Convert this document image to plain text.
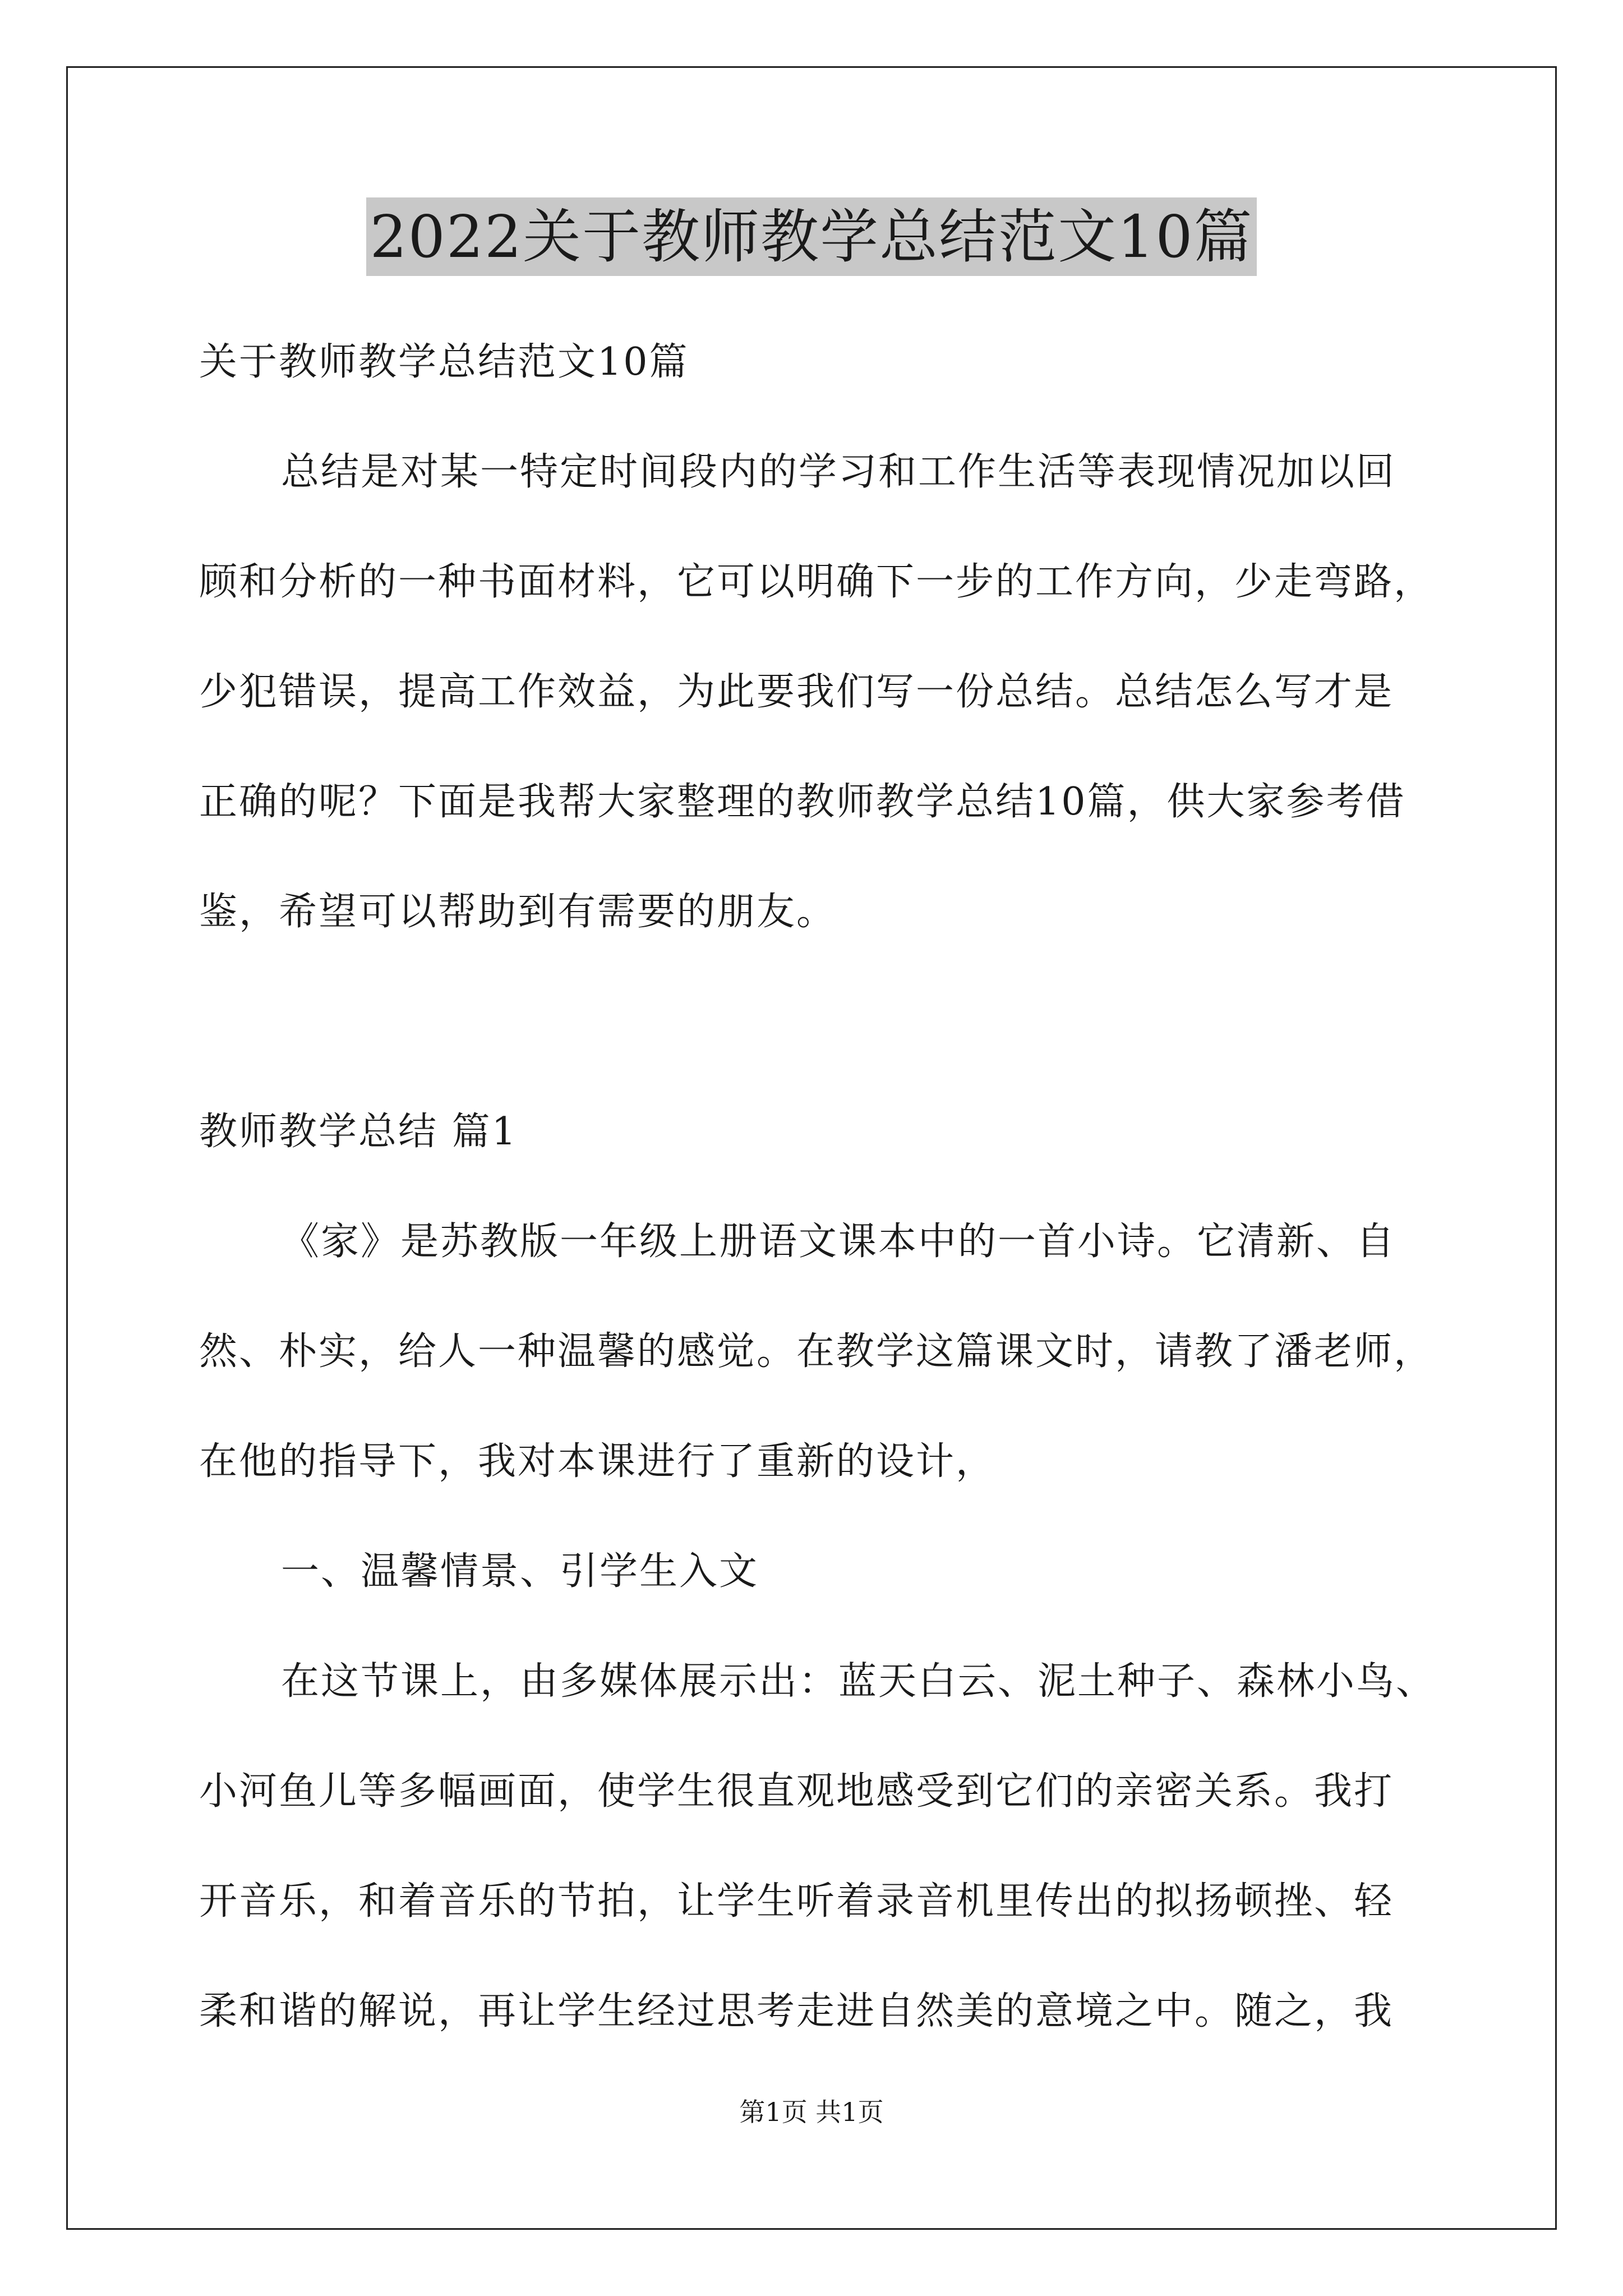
2022关于教师教学总结范文10篇
关于教师教学总结范文10篇
总结是对某一特定时间段内的学习和工作生活等表现情况加以回
顾和分析的一种书面材料，它可以明确下一步的工作方向，少走弯路，
少犯错误，提高工作效益，为此要我们写一份总结。总结怎么写才是
正确的呢？下面是我帮大家整理的教师教学总结10篇，供大家参考借
鉴，希望可以帮助到有需要的朋友。
教师教学总结 篇1
《家》是苏教版一年级上册语文课本中的一首小诗。它清新、自
然、朴实，给人一种温馨的感觉。在教学这篇课文时，请教了潘老师，
在他的指导下，我对本课进行了重新的设计，
一、温馨情景、引学生入文
在这节课上，由多媒体展示出：蓝天白云、泥土种子、森林小鸟、
小河鱼儿等多幅画面，使学生很直观地感受到它们的亲密关系。我打
开音乐，和着音乐的节拍，让学生听着录音机里传出的拟扬顿挫、轻
柔和谐的解说，再让学生经过思考走进自然美的意境之中。随之，我
第1页 共1页
